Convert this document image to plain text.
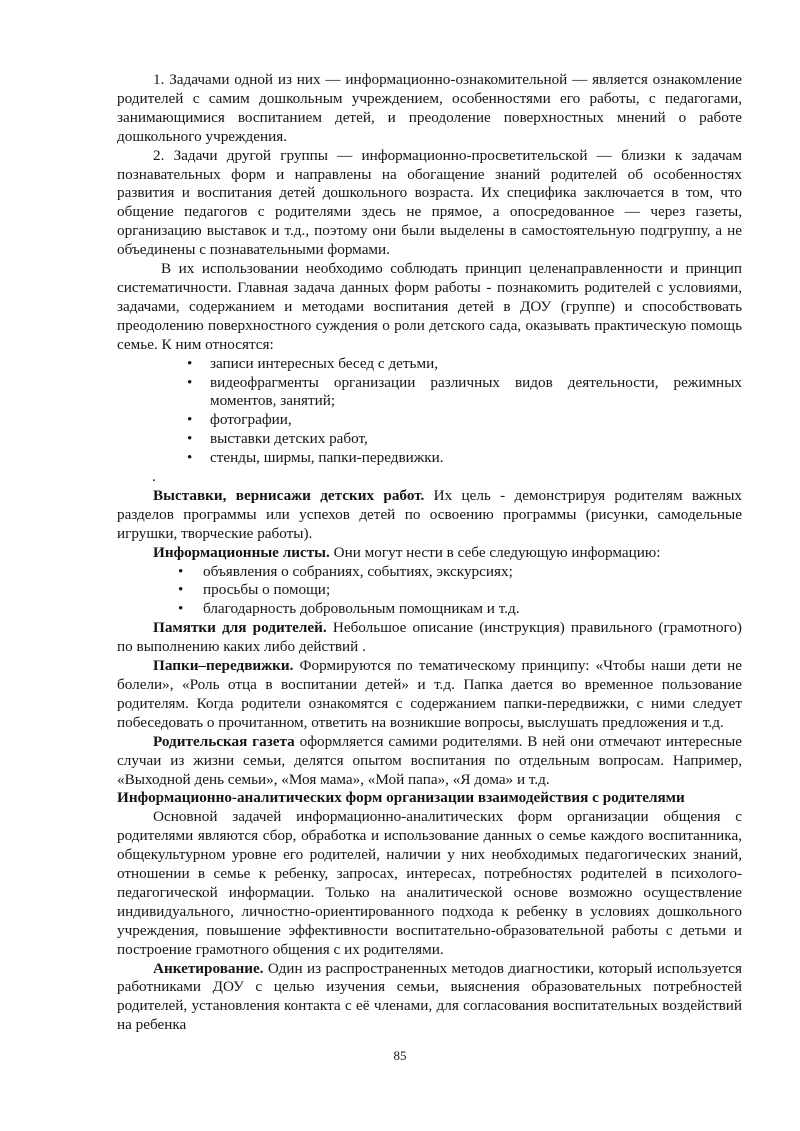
1. Задачами одной из них — информационно-ознакомительной — является ознакомление родителей с самим дошкольным учреждением, особенностями его работы, с педагогами, занимающимися воспитанием детей, и преодоление поверхностных мнений о работе дошкольного учреждения.

2. Задачи другой группы — информационно-просветительской — близки к задачам познавательных форм и направлены на обогащение знаний родителей об особенностях развития и воспитания детей дошкольного возраста. Их специфика заключается в том, что общение педагогов с родителями здесь не прямое, а опосредованное — через газеты, организацию выставок и т.д., поэтому они были выделены в самостоятельную подгруппу, а не объединены с познавательными формами.

В их использовании необходимо соблюдать принцип целенаправленности и принцип систематичности. Главная задача данных форм работы - познакомить родителей с условиями, задачами, содержанием и методами воспитания детей в ДОУ (группе) и способствовать преодолению поверхностного суждения о роли детского сада, оказывать практическую помощь семье. К ним относятся:

• записи интересных бесед с детьми,
• видеофрагменты организации различных видов деятельности, режимных моментов, занятий;
• фотографии,
• выставки детских работ,
• стенды, ширмы, папки-передвижки.
.

Выставки, вернисажи детских работ. Их цель - демонстрируя родителям важных разделов программы или успехов детей по освоению программы (рисунки, самодельные игрушки, творческие работы).

Информационные листы. Они могут нести в себе следующую информацию:

• объявления о собраниях, событиях, экскурсиях;
• просьбы о помощи;
• благодарность добровольным помощникам и т.д.

Памятки для родителей. Небольшое описание (инструкция) правильного (грамотного) по выполнению каких либо действий .

Папки–передвижки. Формируются по тематическому принципу: «Чтобы наши дети не болели», «Роль отца в воспитании детей» и т.д. Папка дается во временное пользование родителям. Когда родители ознакомятся с содержанием папки-передвижки, с ними следует побеседовать о прочитанном, ответить на возникшие вопросы, выслушать предложения и т.д.

Родительская газета оформляется самими родителями. В ней они отмечают интересные случаи из жизни семьи, делятся опытом воспитания по отдельным вопросам. Например, «Выходной день семьи», «Моя мама», «Мой папа», «Я дома» и т.д.

Информационно-аналитических форм организации взаимодействия с родителями

Основной задачей информационно-аналитических форм организации общения с родителями являются сбор, обработка и использование данных о семье каждого воспитанника, общекультурном уровне его родителей, наличии у них необходимых педагогических знаний, отношении в семье к ребенку, запросах, интересах, потребностях родителей в психолого-педагогической информации. Только на аналитической основе возможно осуществление индивидуального, личностно-ориентированного подхода к ребенку в условиях дошкольного учреждения, повышение эффективности воспитательно-образовательной работы с детьми и построение грамотного общения с их родителями.

Анкетирование. Один из распространенных методов диагностики, который используется работниками ДОУ с целью изучения семьи, выяснения образовательных потребностей родителей, установления контакта с её членами, для согласования воспитательных воздействий на ребенка

85
